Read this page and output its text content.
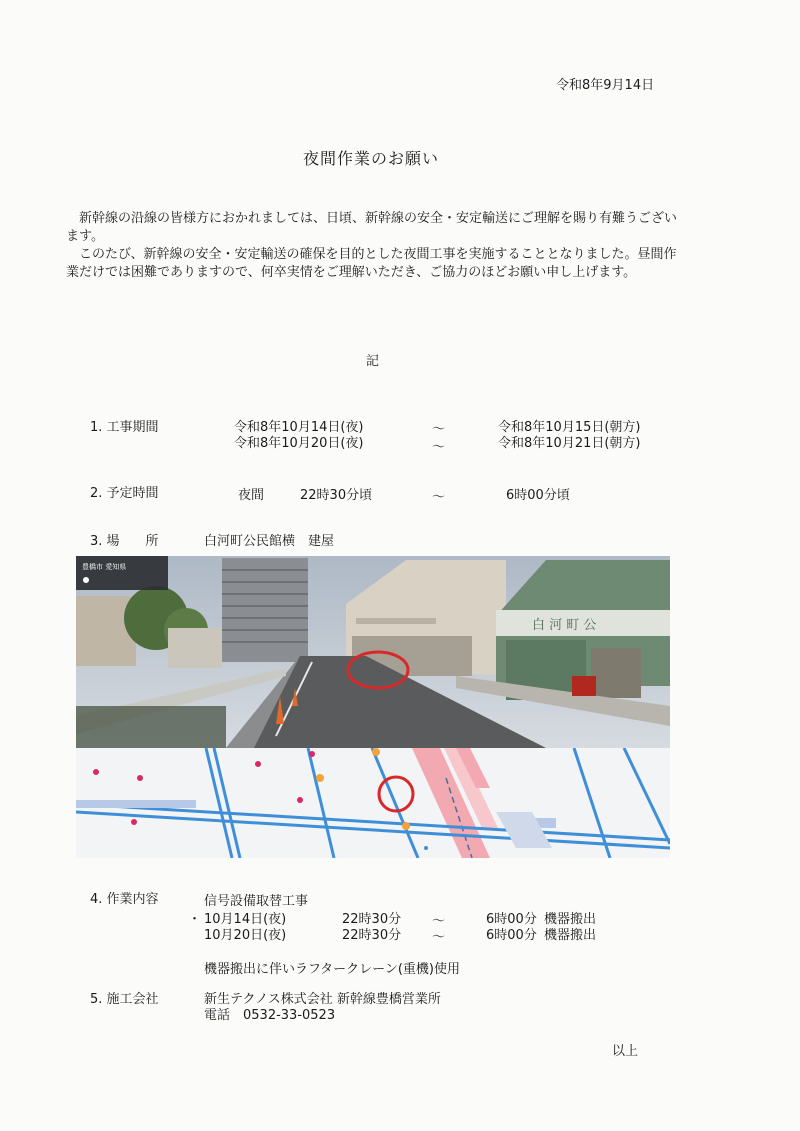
令和8年9月14日
夜間作業のお願い
新幹線の沿線の皆様方におかれましては、日頃、新幹線の安全・安定輸送にご理解を賜り有難うございます。
このたび、新幹線の安全・安定輸送の確保を目的とした夜間工事を実施することとなりました。昼間作業だけでは困難でありますので、何卒実情をご理解いただき、ご協力のほどお願い申し上げます。
記
1. 工事期間	令和8年10月14日(夜)	～	令和8年10月15日(朝方)
令和8年10月20日(夜)	～	令和8年10月21日(朝方)
2. 予定時間	夜間	22時30分頃	～	6時00分頃
3. 場　　所	白河町公民館横　建屋
白 河 町 公
豊橋市 愛知県
4. 作業内容	信号設備取替工事
・ 10月14日(夜)	22時30分 ～	6時00分 機器搬出
10月20日(夜)	22時30分 ～	6時00分 機器搬出
機器搬出に伴いラフタークレーン(重機)使用
5. 施工会社	新生テクノス株式会社 新幹線豊橋営業所
電話　0532-33-0523
以上
